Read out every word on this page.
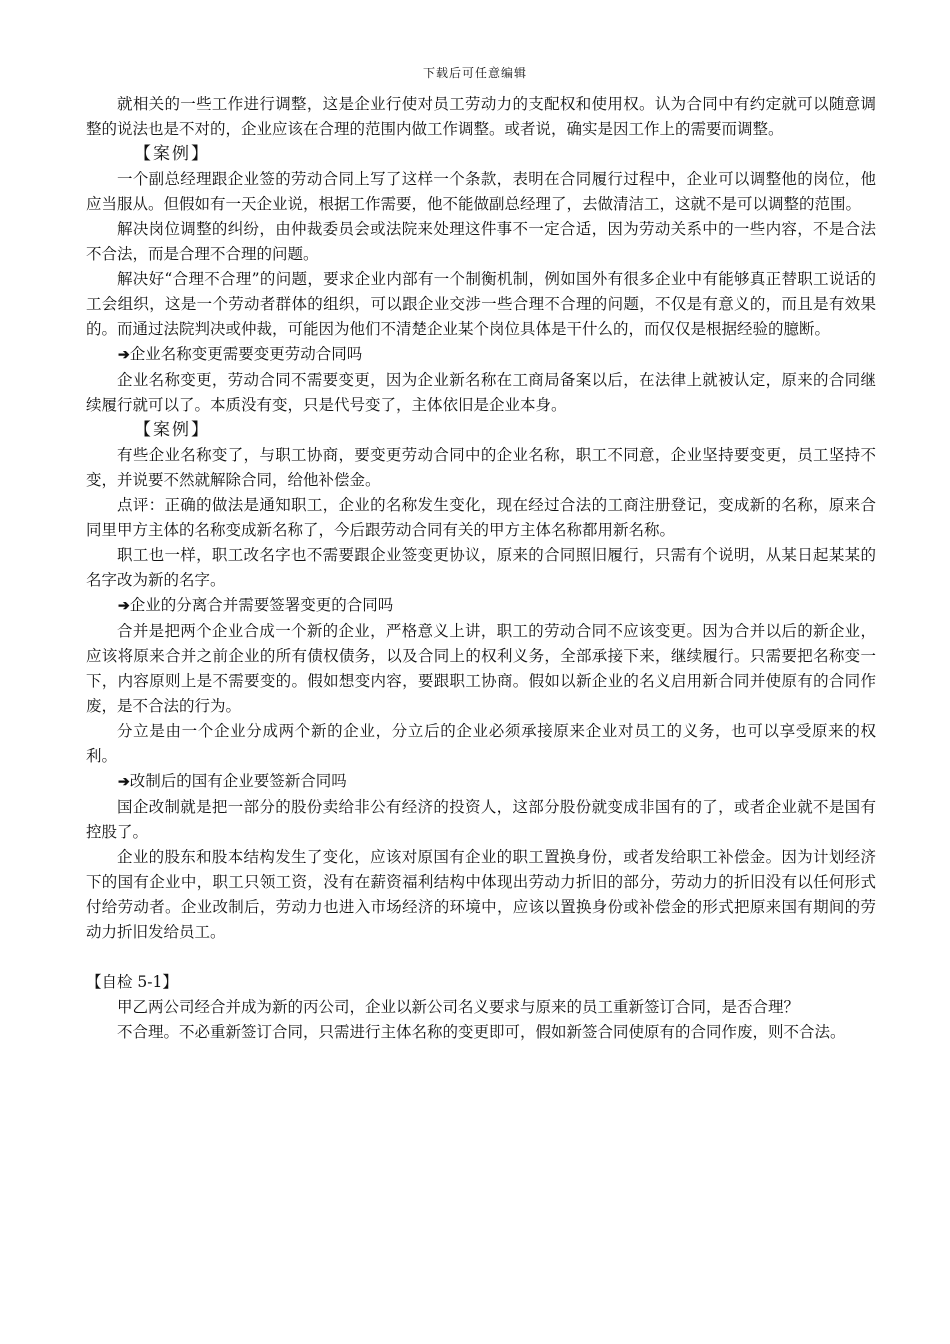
下载后可任意编辑

就相关的一些工作进行调整，这是企业行使对员工劳动力的支配权和使用权。认为合同中有约定就可以随意调整的说法也是不对的，企业应该在合理的范围内做工作调整。或者说，确实是因工作上的需要而调整。

【案例】

一个副总经理跟企业签的劳动合同上写了这样一个条款，表明在合同履行过程中，企业可以调整他的岗位，他应当服从。但假如有一天企业说，根据工作需要，他不能做副总经理了，去做清洁工，这就不是可以调整的范围。

解决岗位调整的纠纷，由仲裁委员会或法院来处理这件事不一定合适，因为劳动关系中的一些内容，不是合法不合法，而是合理不合理的问题。

解决好“合理不合理”的问题，要求企业内部有一个制衡机制，例如国外有很多企业中有能够真正替职工说话的工会组织，这是一个劳动者群体的组织，可以跟企业交涉一些合理不合理的问题，不仅是有意义的，而且是有效果的。而通过法院判决或仲裁，可能因为他们不清楚企业某个岗位具体是干什么的，而仅仅是根据经验的臆断。

➔企业名称变更需要变更劳动合同吗

企业名称变更，劳动合同不需要变更，因为企业新名称在工商局备案以后，在法律上就被认定，原来的合同继续履行就可以了。本质没有变，只是代号变了，主体依旧是企业本身。

【案例】

有些企业名称变了，与职工协商，要变更劳动合同中的企业名称，职工不同意，企业坚持要变更，员工坚持不变，并说要不然就解除合同，给他补偿金。

点评：正确的做法是通知职工，企业的名称发生变化，现在经过合法的工商注册登记，变成新的名称，原来合同里甲方主体的名称变成新名称了，今后跟劳动合同有关的甲方主体名称都用新名称。

职工也一样，职工改名字也不需要跟企业签变更协议，原来的合同照旧履行，只需有个说明，从某日起某某的名字改为新的名字。

➔企业的分离合并需要签署变更的合同吗

合并是把两个企业合成一个新的企业，严格意义上讲，职工的劳动合同不应该变更。因为合并以后的新企业，应该将原来合并之前企业的所有债权债务，以及合同上的权利义务，全部承接下来，继续履行。只需要把名称变一下，内容原则上是不需要变的。假如想变内容，要跟职工协商。假如以新企业的名义启用新合同并使原有的合同作废，是不合法的行为。

分立是由一个企业分成两个新的企业，分立后的企业必须承接原来企业对员工的义务，也可以享受原来的权利。

➔改制后的国有企业要签新合同吗

国企改制就是把一部分的股份卖给非公有经济的投资人，这部分股份就变成非国有的了，或者企业就不是国有控股了。

企业的股东和股本结构发生了变化，应该对原国有企业的职工置换身份，或者发给职工补偿金。因为计划经济下的国有企业中，职工只领工资，没有在薪资福利结构中体现出劳动力折旧的部分，劳动力的折旧没有以任何形式付给劳动者。企业改制后，劳动力也进入市场经济的环境中，应该以置换身份或补偿金的形式把原来国有期间的劳动力折旧发给员工。

【自检 5-1】

甲乙两公司经合并成为新的丙公司，企业以新公司名义要求与原来的员工重新签订合同，是否合理？

不合理。不必重新签订合同，只需进行主体名称的变更即可，假如新签合同使原有的合同作废，则不合法。
